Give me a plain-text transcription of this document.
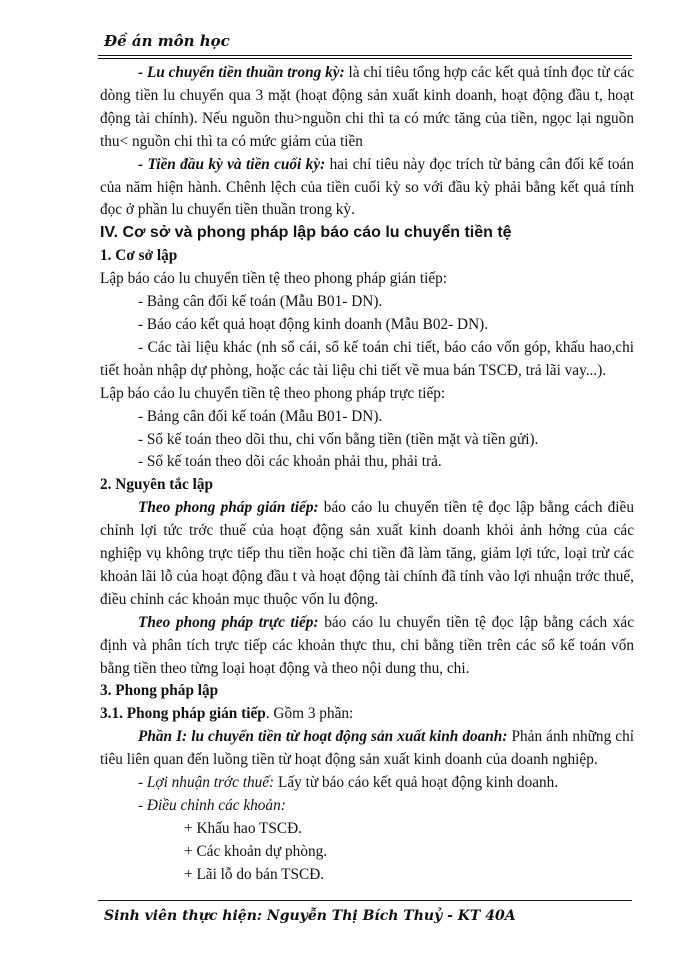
Đề án môn học

- Lu chuyển tiền thuần trong kỳ: là chỉ tiêu tổng hợp các kết quả tính đọc từ các dòng tiền lu chuyển qua 3 mặt (hoạt động sản xuất kinh doanh, hoạt động đầu t, hoạt động tài chính). Nếu nguồn thu>nguồn chi thì ta có mức tăng của tiền, ngọc lại nguồn thu< nguồn chi thì ta có mức giảm của tiền

- Tiền đầu kỳ và tiền cuối kỳ: hai chỉ tiêu này đọc trích từ bảng cân đối kế toán của năm hiện hành. Chênh lệch của tiền cuối kỳ so với đầu kỳ phải bằng kết quả tính đọc ở phần lu chuyển tiền thuần trong kỳ.

IV. Cơ sở và phong pháp lập báo cáo lu chuyển tiền tệ

1. Cơ sở lập

Lập báo cáo lu chuyển tiền tệ theo phong pháp gián tiếp:

- Bảng cân đối kế toán (Mẫu B01- DN).

- Báo cáo kết quả hoạt động kinh doanh (Mẫu B02- DN).

- Các tài liệu khác (nh sổ cái, sổ kế toán chi tiết, báo cáo vốn góp, khấu hao,chi tiết hoàn nhập dự phòng, hoặc các tài liệu chi tiết về mua bán TSCĐ, trả lãi vay...).

Lập báo cáo lu chuyển tiền tệ theo phong pháp trực tiếp:

- Bảng cân đối kế toán (Mẫu B01- DN).

- Sổ kế toán theo dõi thu, chi vốn bằng tiền (tiền mặt và tiền gửi).

- Sổ kế toán theo dõi các khoản phải thu, phải trả.

2. Nguyên tắc lập

Theo phong pháp gián tiếp: báo cáo lu chuyển tiền tệ đọc lập bằng cách điều chỉnh lợi tức trớc thuế của hoạt động sản xuất kinh doanh khỏi ảnh hởng của các nghiệp vụ không trực tiếp thu tiền hoặc chi tiền đã làm tăng, giảm lợi tức, loại trừ các khoản lãi lỗ của hoạt động đầu t và hoạt động tài chính đã tính vào lợi nhuận trớc thuế, điều chỉnh các khoản mục thuộc vốn lu động.

Theo phong pháp trực tiếp: báo cáo lu chuyển tiền tệ đọc lập bằng cách xác định và phân tích trực tiếp các khoản thực thu, chi bằng tiền trên các sổ kế toán vốn bằng tiền theo từng loại hoạt động và theo nội dung thu, chi.

3. Phong pháp lập

3.1. Phong pháp gián tiếp. Gồm 3 phần:

Phần I: lu chuyển tiền từ hoạt động sản xuất kinh doanh: Phản ánh những chỉ tiêu liên quan đến luồng tiền từ hoạt động sản xuất kinh doanh của doanh nghiệp.

- Lợi nhuận trớc thuế: Lấy từ báo cáo kết quả hoạt động kinh doanh.

- Điều chỉnh các khoản:

+ Khấu hao TSCĐ.

+ Các khoản dự phòng.

+ Lãi lỗ do bán TSCĐ.

Sinh viên thực hiện: Nguyễn Thị Bích Thuỷ - KT 40A
